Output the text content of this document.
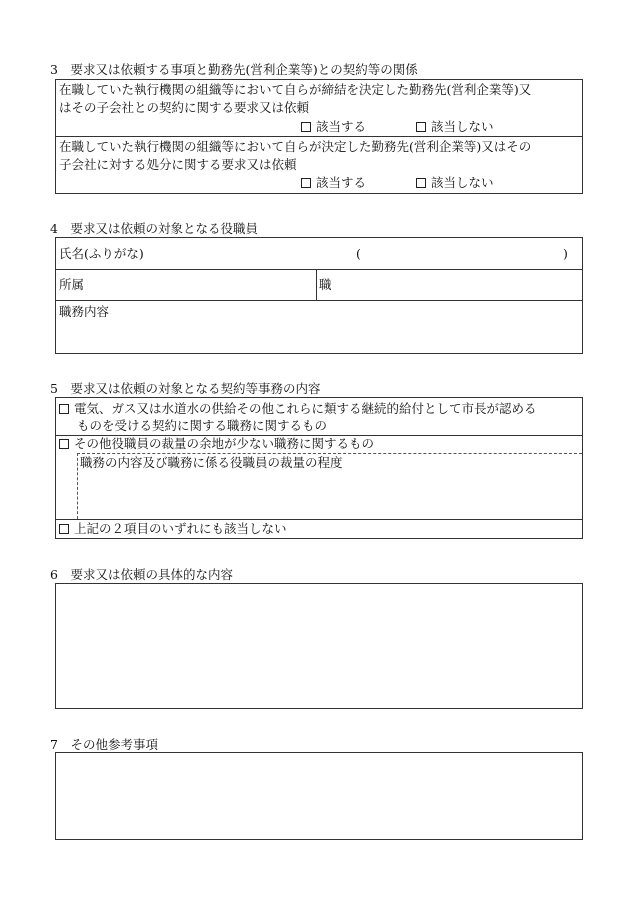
3　要求又は依頼する事項と勤務先(営利企業等)との契約等の関係
在職していた執行機関の組織等において自らが締結を決定した勤務先(営利企業等)又
はその子会社との契約に関する要求又は依頼
該当する	該当しない
在職していた執行機関の組織等において自らが決定した勤務先(営利企業等)又はその
子会社に対する処分に関する要求又は依頼
該当する	該当しない
4　要求又は依頼の対象となる役職員
氏名(ふりがな)	(	)
所属	職
職務内容
5　要求又は依頼の対象となる契約等事務の内容
電気、ガス又は水道水の供給その他これらに類する継続的給付として市長が認める
ものを受ける契約に関する職務に関するもの
その他役職員の裁量の余地が少ない職務に関するもの
職務の内容及び職務に係る役職員の裁量の程度
上記の２項目のいずれにも該当しない
6　要求又は依頼の具体的な内容
7　その他参考事項
